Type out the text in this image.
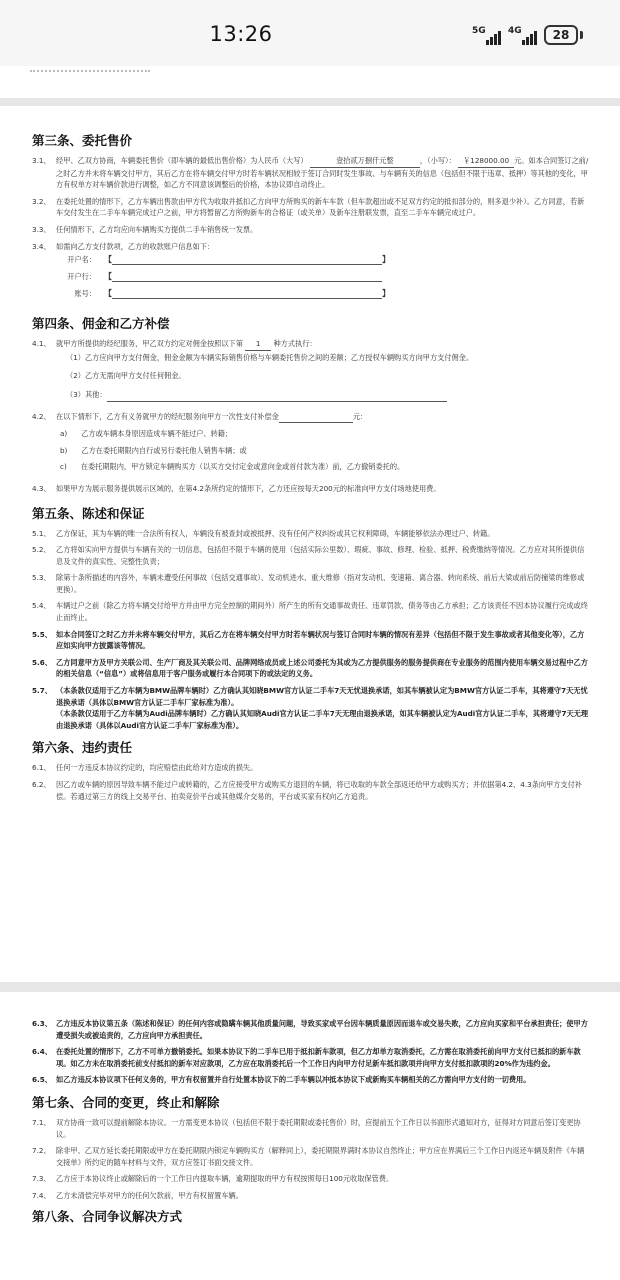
13:26	5G 4G	28
第三条、委托售价
3.1、 经甲、乙双方协商，车辆委托售价（即车辆的最低出售价格）为人民币（大写）	壹拾贰万捌仟元整	，（小写）： ￥128000.00 元。如本合同签订之前/之时乙方并未将车辆交付甲方，其后乙方在将车辆交付甲方时若车辆状况相较于签订合同时发生事故、与车辆有关的信息（包括但不限于违章、抵押）等其他的变化，甲方有权单方对车辆价款进行调整，如乙方不同意该调整后的价格，本协议即自动终止。
3.2、 在委托处置的情形下，乙方车辆出售款由甲方代为收取并抵扣乙方向甲方所购买的新车车款（但车款超出或不足双方约定的抵扣部分的，则多退少补）。乙方同意，若新车交付发生在二手车车辆完成过户之前，甲方将暂留乙方所购新车的合格证（或关单）及新车注册联发票，直至二手车车辆完成过户。
3.3、 任何情形下，乙方均应向车辆购买方提供二手车销售统一发票。
3.4、 如需向乙方支付款项，乙方的收款账户信息如下：
开户名：	【	】
开户行：	【
账号：	【	】
第四条、佣金和乙方补偿
4.1、 就甲方所提供的经纪服务，甲乙双方约定对佣金按照以下第 1 种方式执行：
（1）乙方应向甲方支付佣金，佣金金额为车辆实际销售价格与车辆委托售价之间的差额；乙方授权车辆购买方向甲方支付佣金。
（2）乙方无需向甲方支付任何佣金。
（3）其他：
4.2、 在以下情形下，乙方有义务就甲方的经纪服务向甲方一次性支付补偿金	元：
a)	乙方或车辆本身原因造成车辆不能过户、转籍；
b)	乙方在委托期限内自行或另行委托他人销售车辆；或
c)	在委托期限内，甲方锁定车辆购买方（以买方交付定金或意向金或首付款为准）前，乙方撤销委托的。
4.3、 如果甲方为展示服务提供展示区域的，在第4.2条所约定的情形下，乙方还应按每天200元的标准向甲方支付场地使用费。
第五条、陈述和保证
5.1、 乙方保证，其为车辆的唯一合法所有权人，车辆没有被查封或被抵押、没有任何产权纠纷或其它权利障碍，车辆能够依法办理过户、转籍。
5.2、 乙方将如实向甲方提供与车辆有关的一切信息，包括但不限于车辆的使用（包括实际公里数）、瑕疵、事故、修理、检验、抵押、税费缴纳等情况。乙方应对其所提供信息及文件的真实性、完整性负责；
5.3、 除第十条所描述的内容外，车辆未遭受任何事故（包括交通事故）、发动机进水、重大维修（指对发动机、变速箱、离合器、转向系统、前后大梁或前后防撞梁的维修或更换）。
5.4、 车辆过户之前（除乙方将车辆交付给甲方并由甲方完全控制的期间外）所产生的所有交通事故责任、违章罚款、债务等由乙方承担；乙方该责任不因本协议履行完成或终止而终止。
5.5、 如本合同签订之时乙方并未将车辆交付甲方，其后乙方在将车辆交付甲方时若车辆状况与签订合同时车辆的情况有差异（包括但不限于发生事故或者其他变化等），乙方应如实向甲方披露该等情况。
5.6、 乙方同意甲方及甲方关联公司、生产厂商及其关联公司、品牌网络成员或上述公司委托为其或为乙方提供服务的服务提供商在专业服务的范围内使用车辆交易过程中乙方的相关信息（“信息”）或将信息用于客户服务或履行本合同项下的或法定的义务。
5.7、 （本条款仅适用于乙方车辆为BMW品牌车辆时）乙方确认其知晓BMW官方认证二手车7天无忧退换承诺，如其车辆被认定为BMW官方认证二手车，其将遵守7天无忧退换承诺（具体以BMW官方认证二手车厂家标准为准）。
（本条款仅适用于乙方车辆为Audi品牌车辆时）乙方确认其知晓Audi官方认证二手车7天无理由退换承诺，如其车辆被认定为Audi官方认证二手车，其将遵守7天无理由退换承诺（具体以Audi官方认证二手车厂家标准为准）。
第六条、违约责任
6.1、 任何一方违反本协议约定的，均应赔偿由此给对方造成的损失。
6.2、 因乙方或车辆的原因导致车辆不能过户或转籍的，乙方应接受甲方或购买方退回的车辆，将已收取的车款全部返还给甲方或购买方；并依据第4.2、4.3条向甲方支付补偿。若通过第三方的线上交易平台、拍卖竞价平台或其他媒介交易的，平台或买家有权向乙方追责。
6.3、 乙方违反本协议第五条（陈述和保证）的任何内容或隐瞒车辆其他质量问题，导致买家或平台因车辆质量原因而退车或交易失败，乙方应向买家和平台承担责任；使甲方遭受损失或被追责的，乙方应向甲方承担责任。
6.4、 在委托处置的情形下，乙方不可单方撤销委托。如果本协议下的二手车已用于抵扣新车款项，但乙方却单方取消委托，乙方需在取消委托前向甲方支付已抵扣的新车款项。如乙方未在取消委托前支付抵扣的新车对应款项，乙方应在取消委托后一个工作日内向甲方付足新车抵扣款项并向甲方支付抵扣款项的20%作为违约金。
6.5、 如乙方违反本协议项下任何义务的，甲方有权留置并自行处置本协议下的二手车辆以冲抵本协议下或新购买车辆相关的乙方需向甲方支付的一切费用。
第七条、合同的变更，终止和解除
7.1、 双方协商一致可以提前解除本协议。一方需变更本协议（包括但不限于委托期限或委托售价）时，应提前五个工作日以书面形式通知对方，征得对方同意后签订变更协议。
7.2、 除非甲、乙双方延长委托期限或甲方在委托期限内锁定车辆购买方（解释同上），委托期限界满时本协议自然终止；甲方应在界满后三个工作日内返还车辆及附件《车辆交接单》所约定的随车材料与文件，双方应签订书面交接文件。
7.3、 乙方应于本协议终止或解除后的一个工作日内提取车辆，逾期提取的甲方有权按照每日100元收取保管费。
7.4、 乙方未清偿完毕对甲方的任何欠款前，甲方有权留置车辆。
第八条、合同争议解决方式
